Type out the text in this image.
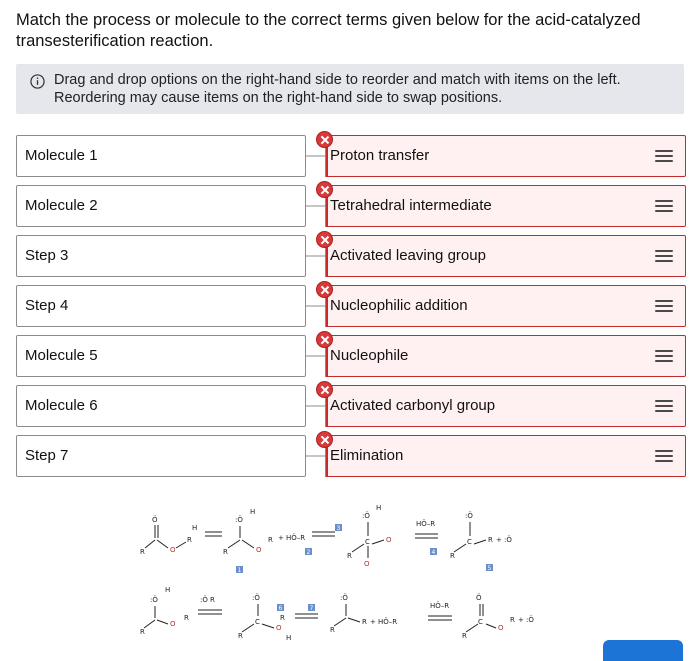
Match the process or molecule to the correct terms given below for the acid-catalyzed transesterification reaction.
Drag and drop options on the right-hand side to reorder and match with items on the left. Reordering may cause items on the right-hand side to swap positions.
Molecule 1	Proton transfer
Molecule 2	Tetrahedral intermediate
Step 3	Activated leaving group
Step 4	Nucleophilic addition
Molecule 5	Nucleophile
Molecule 6	Activated carbonyl group
Step 7	Elimination
Ö
R	O
R
H
:Ö
H
R	O
R + HÖ–R
:Ö
H
C
R
O
O
HÖ–R
:Ö
C
R
R + :Ö
3
2
1
4
5
:Ö
H
R
O
R
:Ö R	:Ö
C
R
O
R
H
:Ö
R
R + HÖ–R
HÖ–R
Ö
C
R
O
R + :Ö
6	7
